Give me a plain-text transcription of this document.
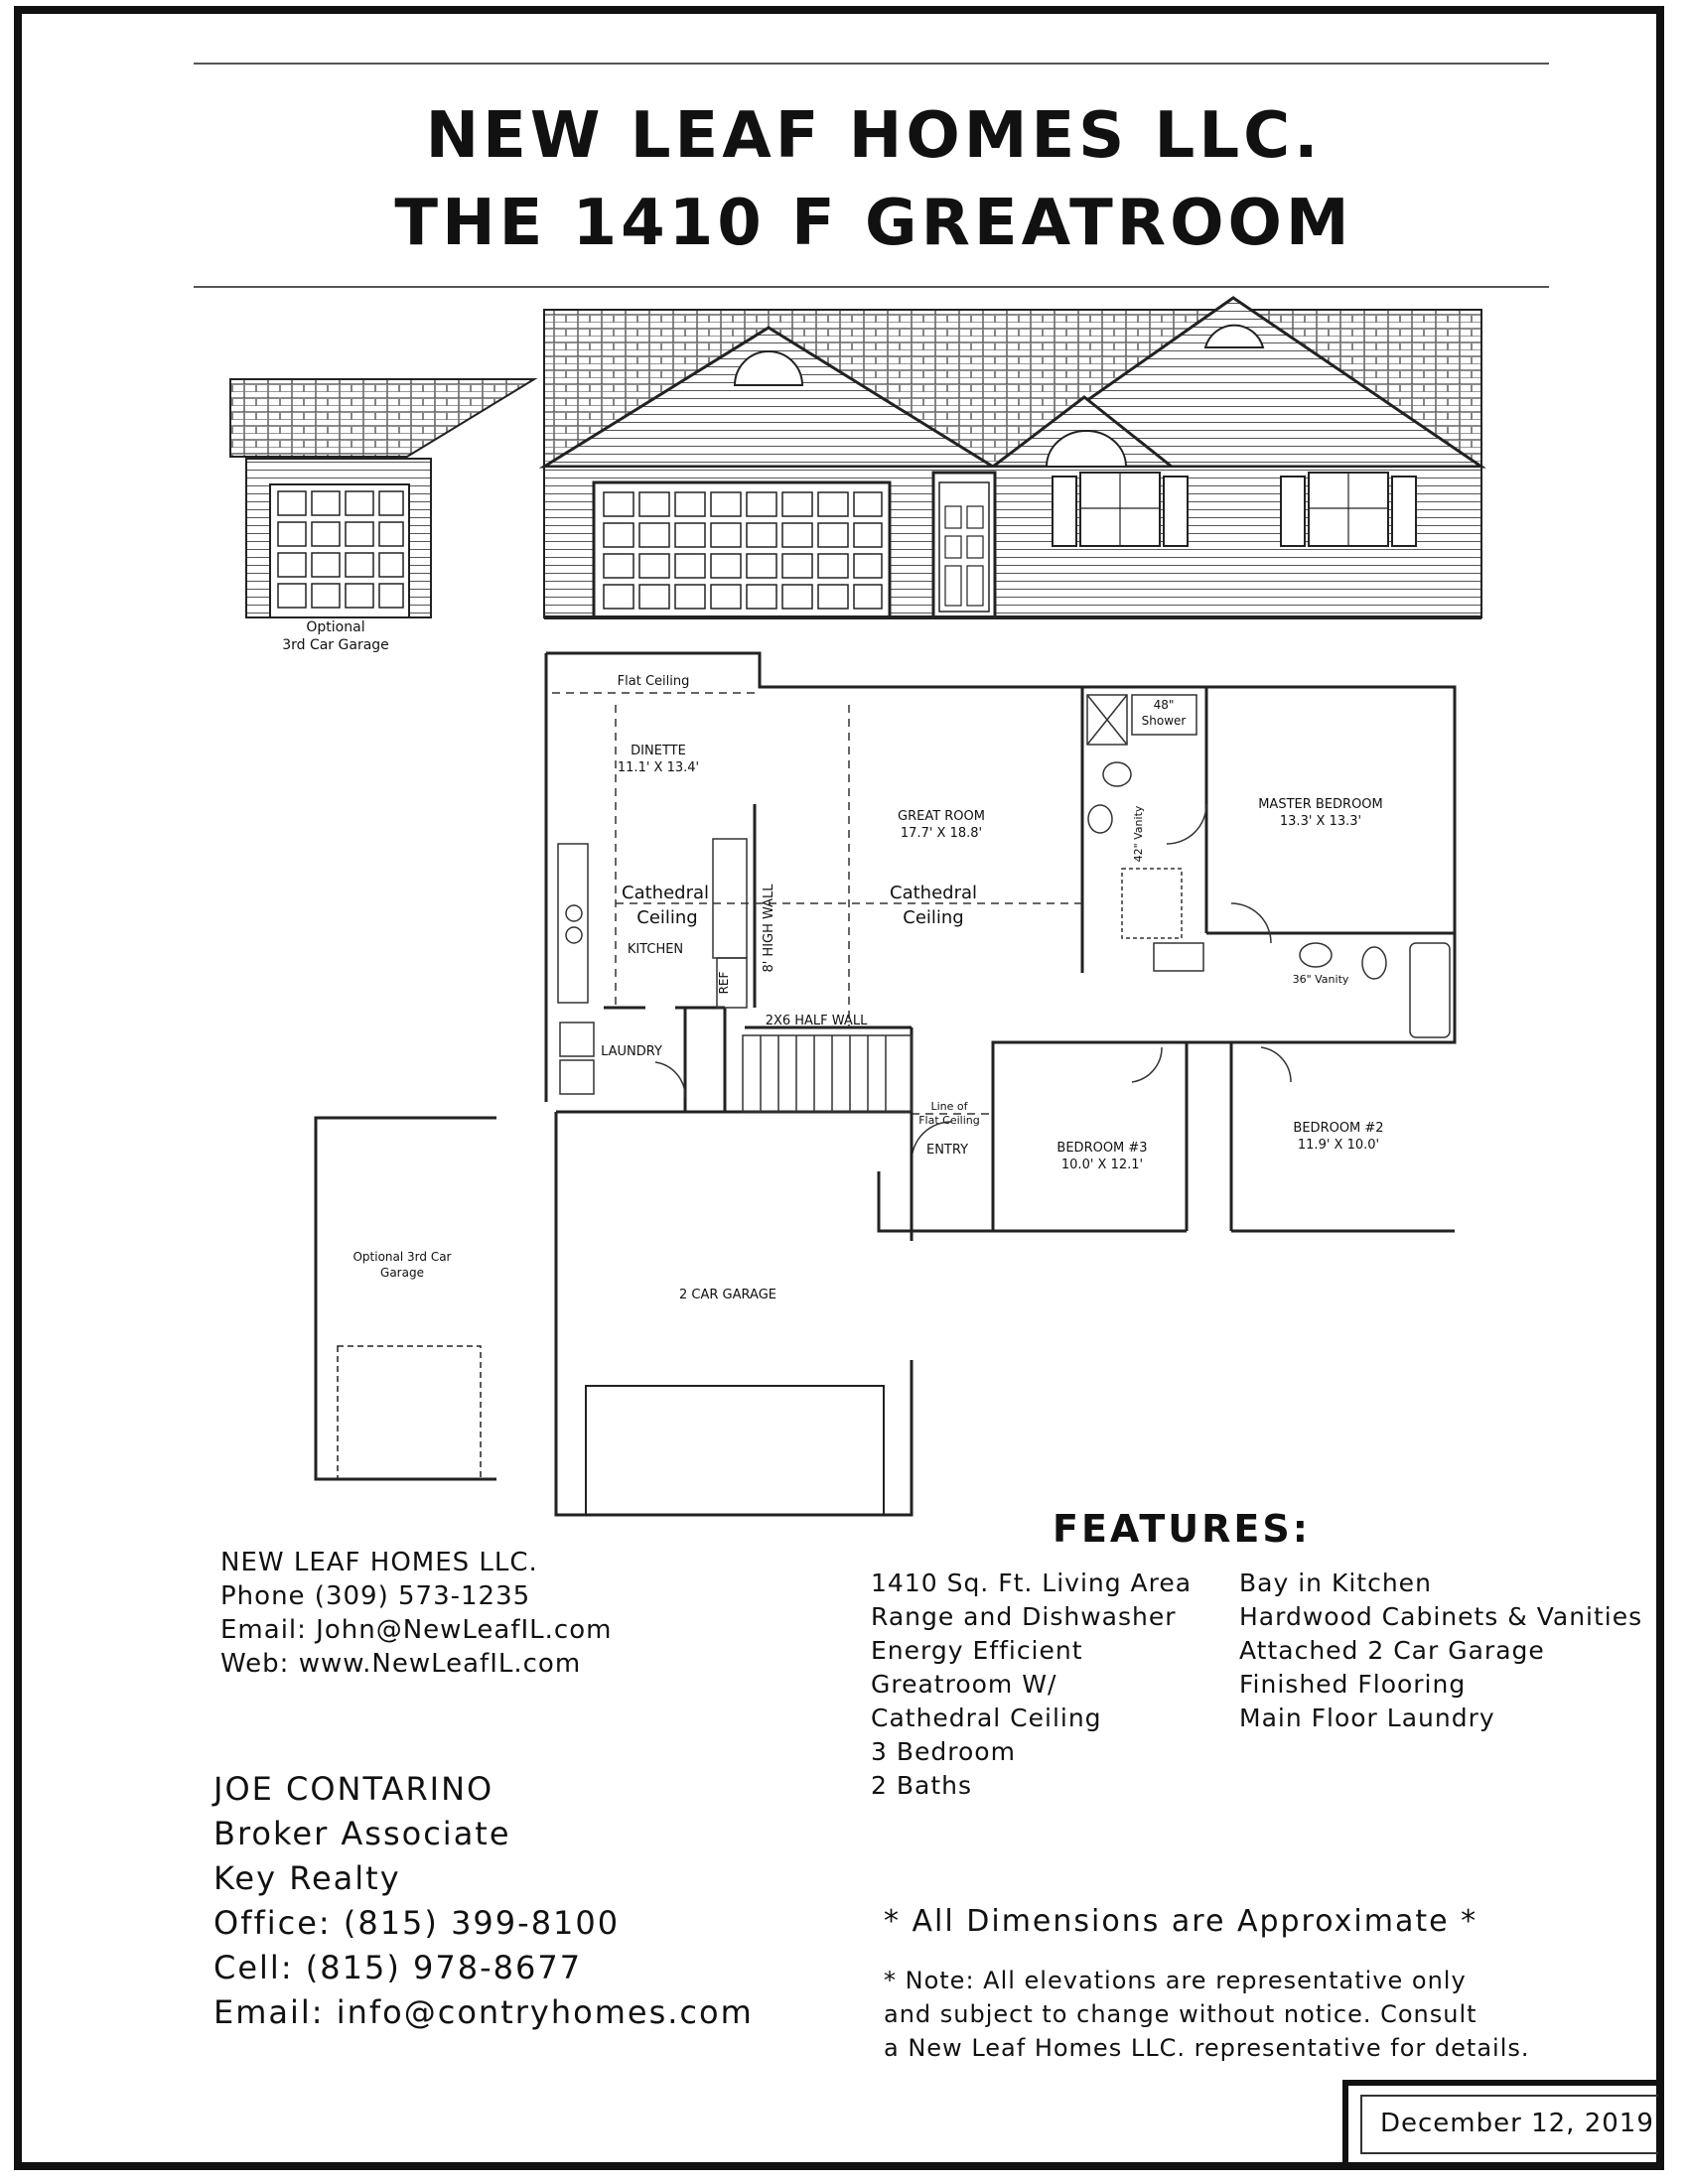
NEW LEAF HOMES LLC.
THE 1410 F GREATROOM
Optional
3rd Car Garage
Flat Ceiling
DINETTE
11.1' X 13.4'
GREAT ROOM
17.7' X 18.8'
Cathedral
Ceiling
Cathedral
Ceiling
KITCHEN
REF
8' HIGH WALL
2X6 HALF WALL
LAUNDRY
Line of
Flat Ceiling
ENTRY
48"
Shower
42" Vanity
MASTER BEDROOM
13.3' X 13.3'
36" Vanity
BEDROOM #3
10.0' X 12.1'
BEDROOM #2
11.9' X 10.0'
Optional 3rd Car
Garage
2 CAR GARAGE
NEW LEAF HOMES LLC.
Phone (309) 573-1235
Email: John@NewLeafIL.com
Web: www.NewLeafIL.com
JOE CONTARINO
Broker Associate
Key Realty
Office: (815) 399-8100
Cell: (815) 978-8677
Email: info@contryhomes.com
FEATURES:
1410 Sq. Ft. Living Area
Range and Dishwasher
Energy Efficient
Greatroom W/
Cathedral Ceiling
3 Bedroom
2 Baths
Bay in Kitchen
Hardwood Cabinets & Vanities
Attached 2 Car Garage
Finished Flooring
Main Floor Laundry
* All Dimensions are Approximate *
* Note: All elevations are representative only
and subject to change without notice. Consult
a New Leaf Homes LLC. representative for details.
December 12, 2019
